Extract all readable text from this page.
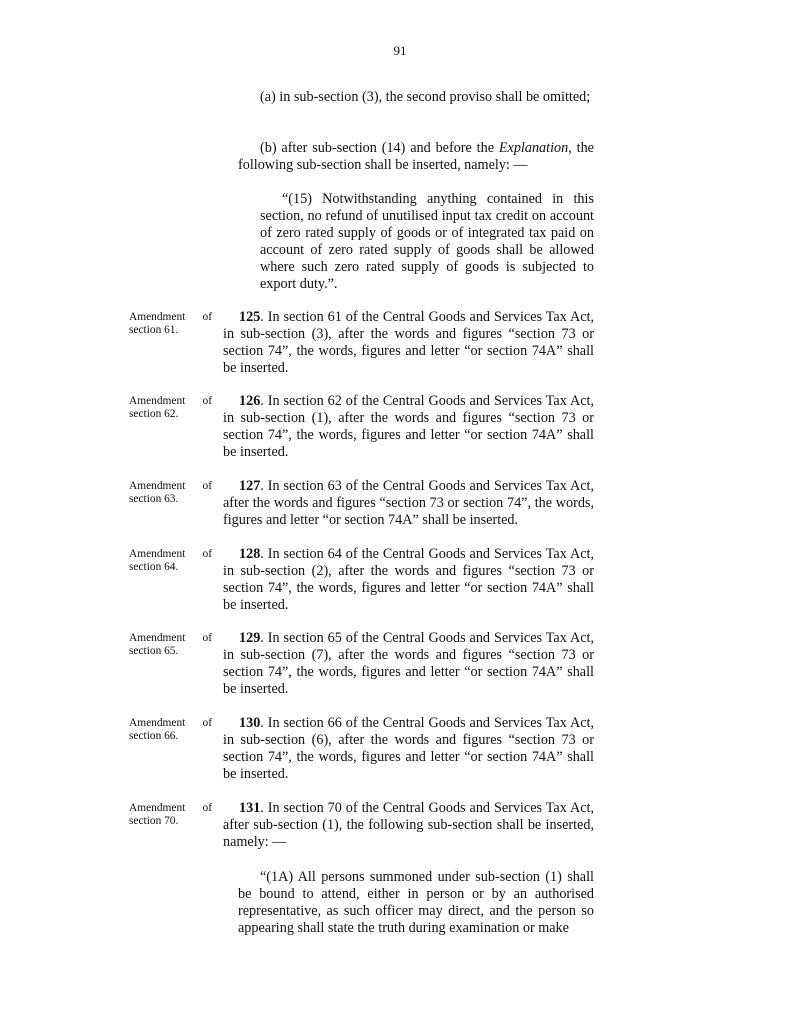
91

(a) in sub-section (3), the second proviso shall be omitted;

(b) after sub-section (14) and before the Explanation, the following sub-section shall be inserted, namely: —

“(15) Notwithstanding anything contained in this section, no refund of unutilised input tax credit on account of zero rated supply of goods or of integrated tax paid on account of zero rated supply of goods shall be allowed where such zero rated supply of goods is subjected to export duty.”.

Amendment of section 61.

125. In section 61 of the Central Goods and Services Tax Act, in sub-section (3), after the words and figures “section 73 or section 74”, the words, figures and letter “or section 74A” shall be inserted.

Amendment of section 62.

126. In section 62 of the Central Goods and Services Tax Act, in sub-section (1), after the words and figures “section 73 or section 74”, the words, figures and letter “or section 74A” shall be inserted.

Amendment of section 63.

127. In section 63 of the Central Goods and Services Tax Act, after the words and figures “section 73 or section 74”, the words, figures and letter “or section 74A” shall be inserted.

Amendment of section 64.

128. In section 64 of the Central Goods and Services Tax Act, in sub-section (2), after the words and figures “section 73 or section 74”, the words, figures and letter “or section 74A” shall be inserted.

Amendment of section 65.

129. In section 65 of the Central Goods and Services Tax Act, in sub-section (7), after the words and figures “section 73 or section 74”, the words, figures and letter “or section 74A” shall be inserted.

Amendment of section 66.

130. In section 66 of the Central Goods and Services Tax Act, in sub-section (6), after the words and figures “section 73 or section 74”, the words, figures and letter “or section 74A” shall be inserted.

Amendment of section 70.

131. In section 70 of the Central Goods and Services Tax Act, after sub-section (1), the following sub-section shall be inserted, namely: —

“(1A) All persons summoned under sub-section (1) shall be bound to attend, either in person or by an authorised representative, as such officer may direct, and the person so appearing shall state the truth during examination or make
